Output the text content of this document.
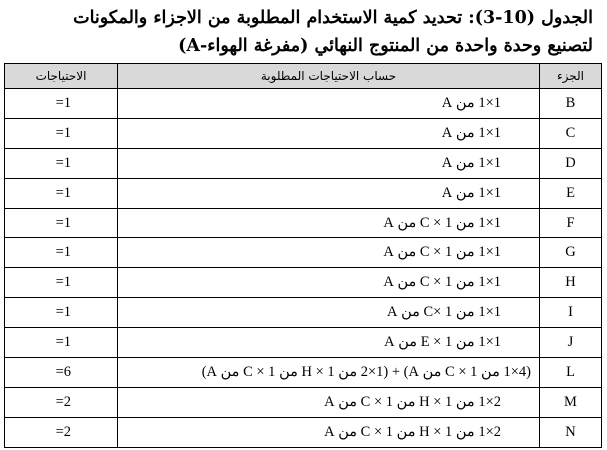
الجدول (10-3): تحديد كمية الاستخدام المطلوبة من الاجزاء والمكونات
لتصنيع وحدة واحدة من المنتوج النهائي (مفرغة الهواء-A)
الجزء	حساب الاحتياجات المطلوبة	الاحتياجات
B	1×1 من A	1=
C	1×1 من A	1=
D	1×1 من A	1=
E	1×1 من A	1=
F	1×1 من C × 1 من A	1=
G	1×1 من C × 1 من A	1=
H	1×1 من C × 1 من A	1=
I	1×1 من C× 1 من A	1=
J	1×1 من E × 1 من A	1=
L	(4×1 من C × 1 من A) + (2×1 من H × 1 من C × 1 من A)	6=
M	2×1 من H × 1 من C × 1 من A	2=
N	2×1 من H × 1 من C × 1 من A	2=
